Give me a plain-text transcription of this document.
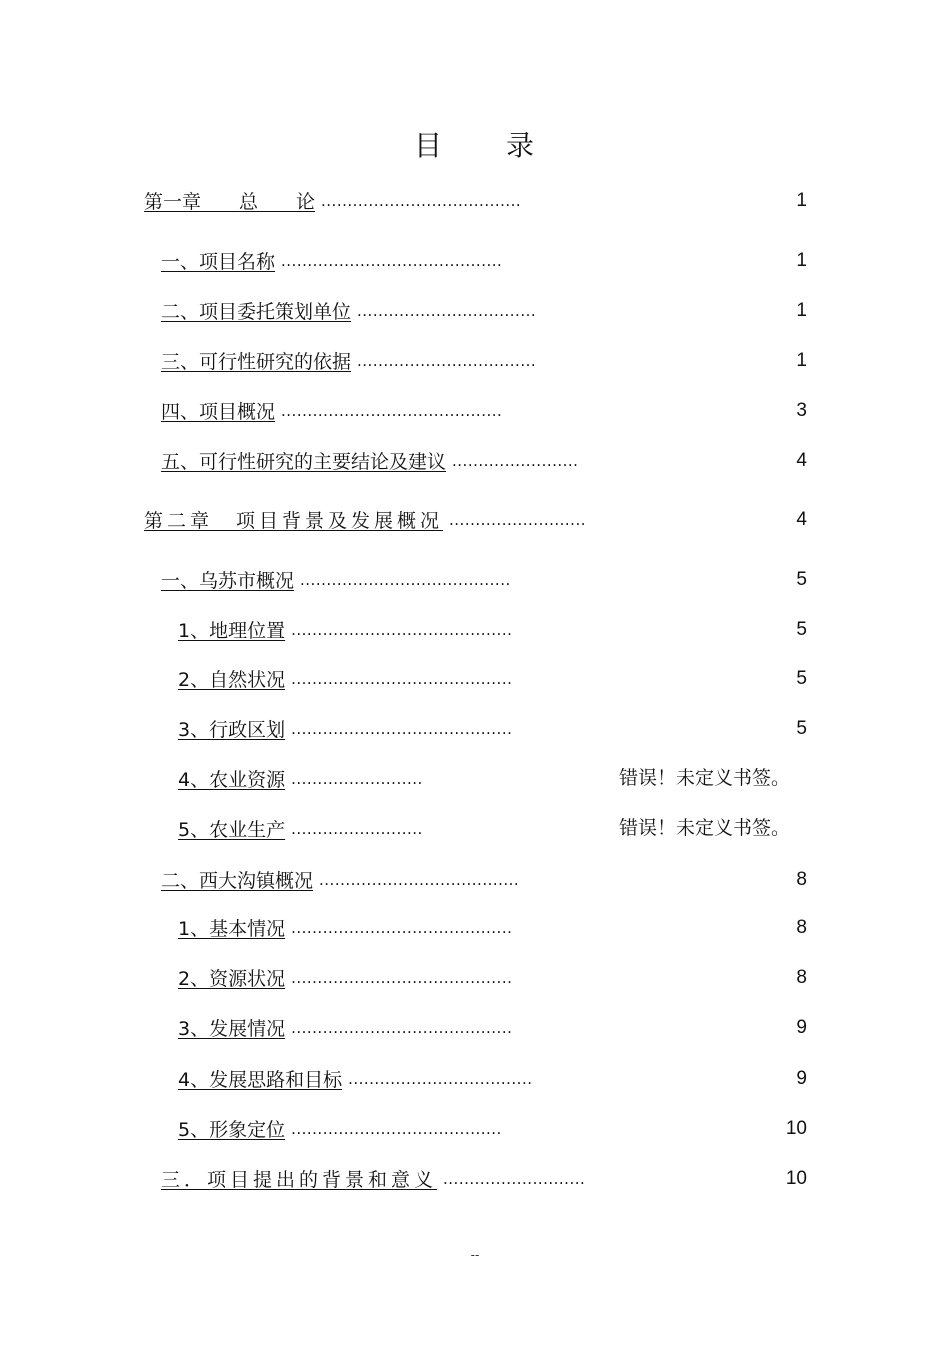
目 录
第一章　　总　　论 ......................................	1
一、项目名称 ..........................................	1
二、项目委托策划单位 ..................................	1
三、可行性研究的依据 ..................................	1
四、项目概况 ..........................................	3
五、可行性研究的主要结论及建议 ........................	4
第二章　项目背景及发展概况 ..........................	4
一、乌苏市概况 ........................................	5
1、地理位置 ..........................................	5
2、自然状况 ..........................................	5
3、行政区划 ..........................................	5
4、农业资源 .........................	错误！未定义书签。
5、农业生产 .........................	错误！未定义书签。
二、西大沟镇概况 ......................................	8
1、基本情况 ..........................................	8
2、资源状况 ..........................................	8
3、发展情况 ..........................................	9
4、发展思路和目标 ...................................	9
5、形象定位 ........................................	10
三．项目提出的背景和意义 ...........................	10
--
